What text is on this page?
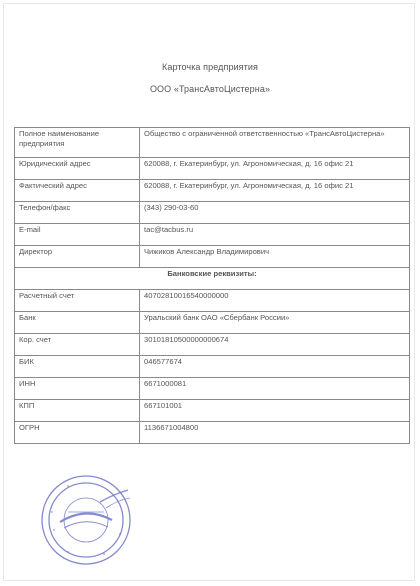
Карточка предприятия
ООО «ТрансАвтоЦистерна»
Полное наименование предприятия	Общество с ограниченной ответственностью «ТрансАвтоЦистерна»
Юридический адрес	620088, г. Екатеринбург, ул. Агрономическая, д. 16 офис 21
Фактический адрес	620088, г. Екатеринбург, ул. Агрономическая, д. 16 офис 21
Телефон/факс	(343) 290-03-60
E-mail	tac@tacbus.ru
Директор	Чижиков Александр Владимирович
Банковские реквизиты:	
Расчетный счет	40702810016540000000
Банк	Уральский банк ОАО «Сбербанк России»
Кор. счет	30101810500000000674
БИК	046577674
ИНН	6671000081
КПП	667101001
ОГРН	1136671004800
